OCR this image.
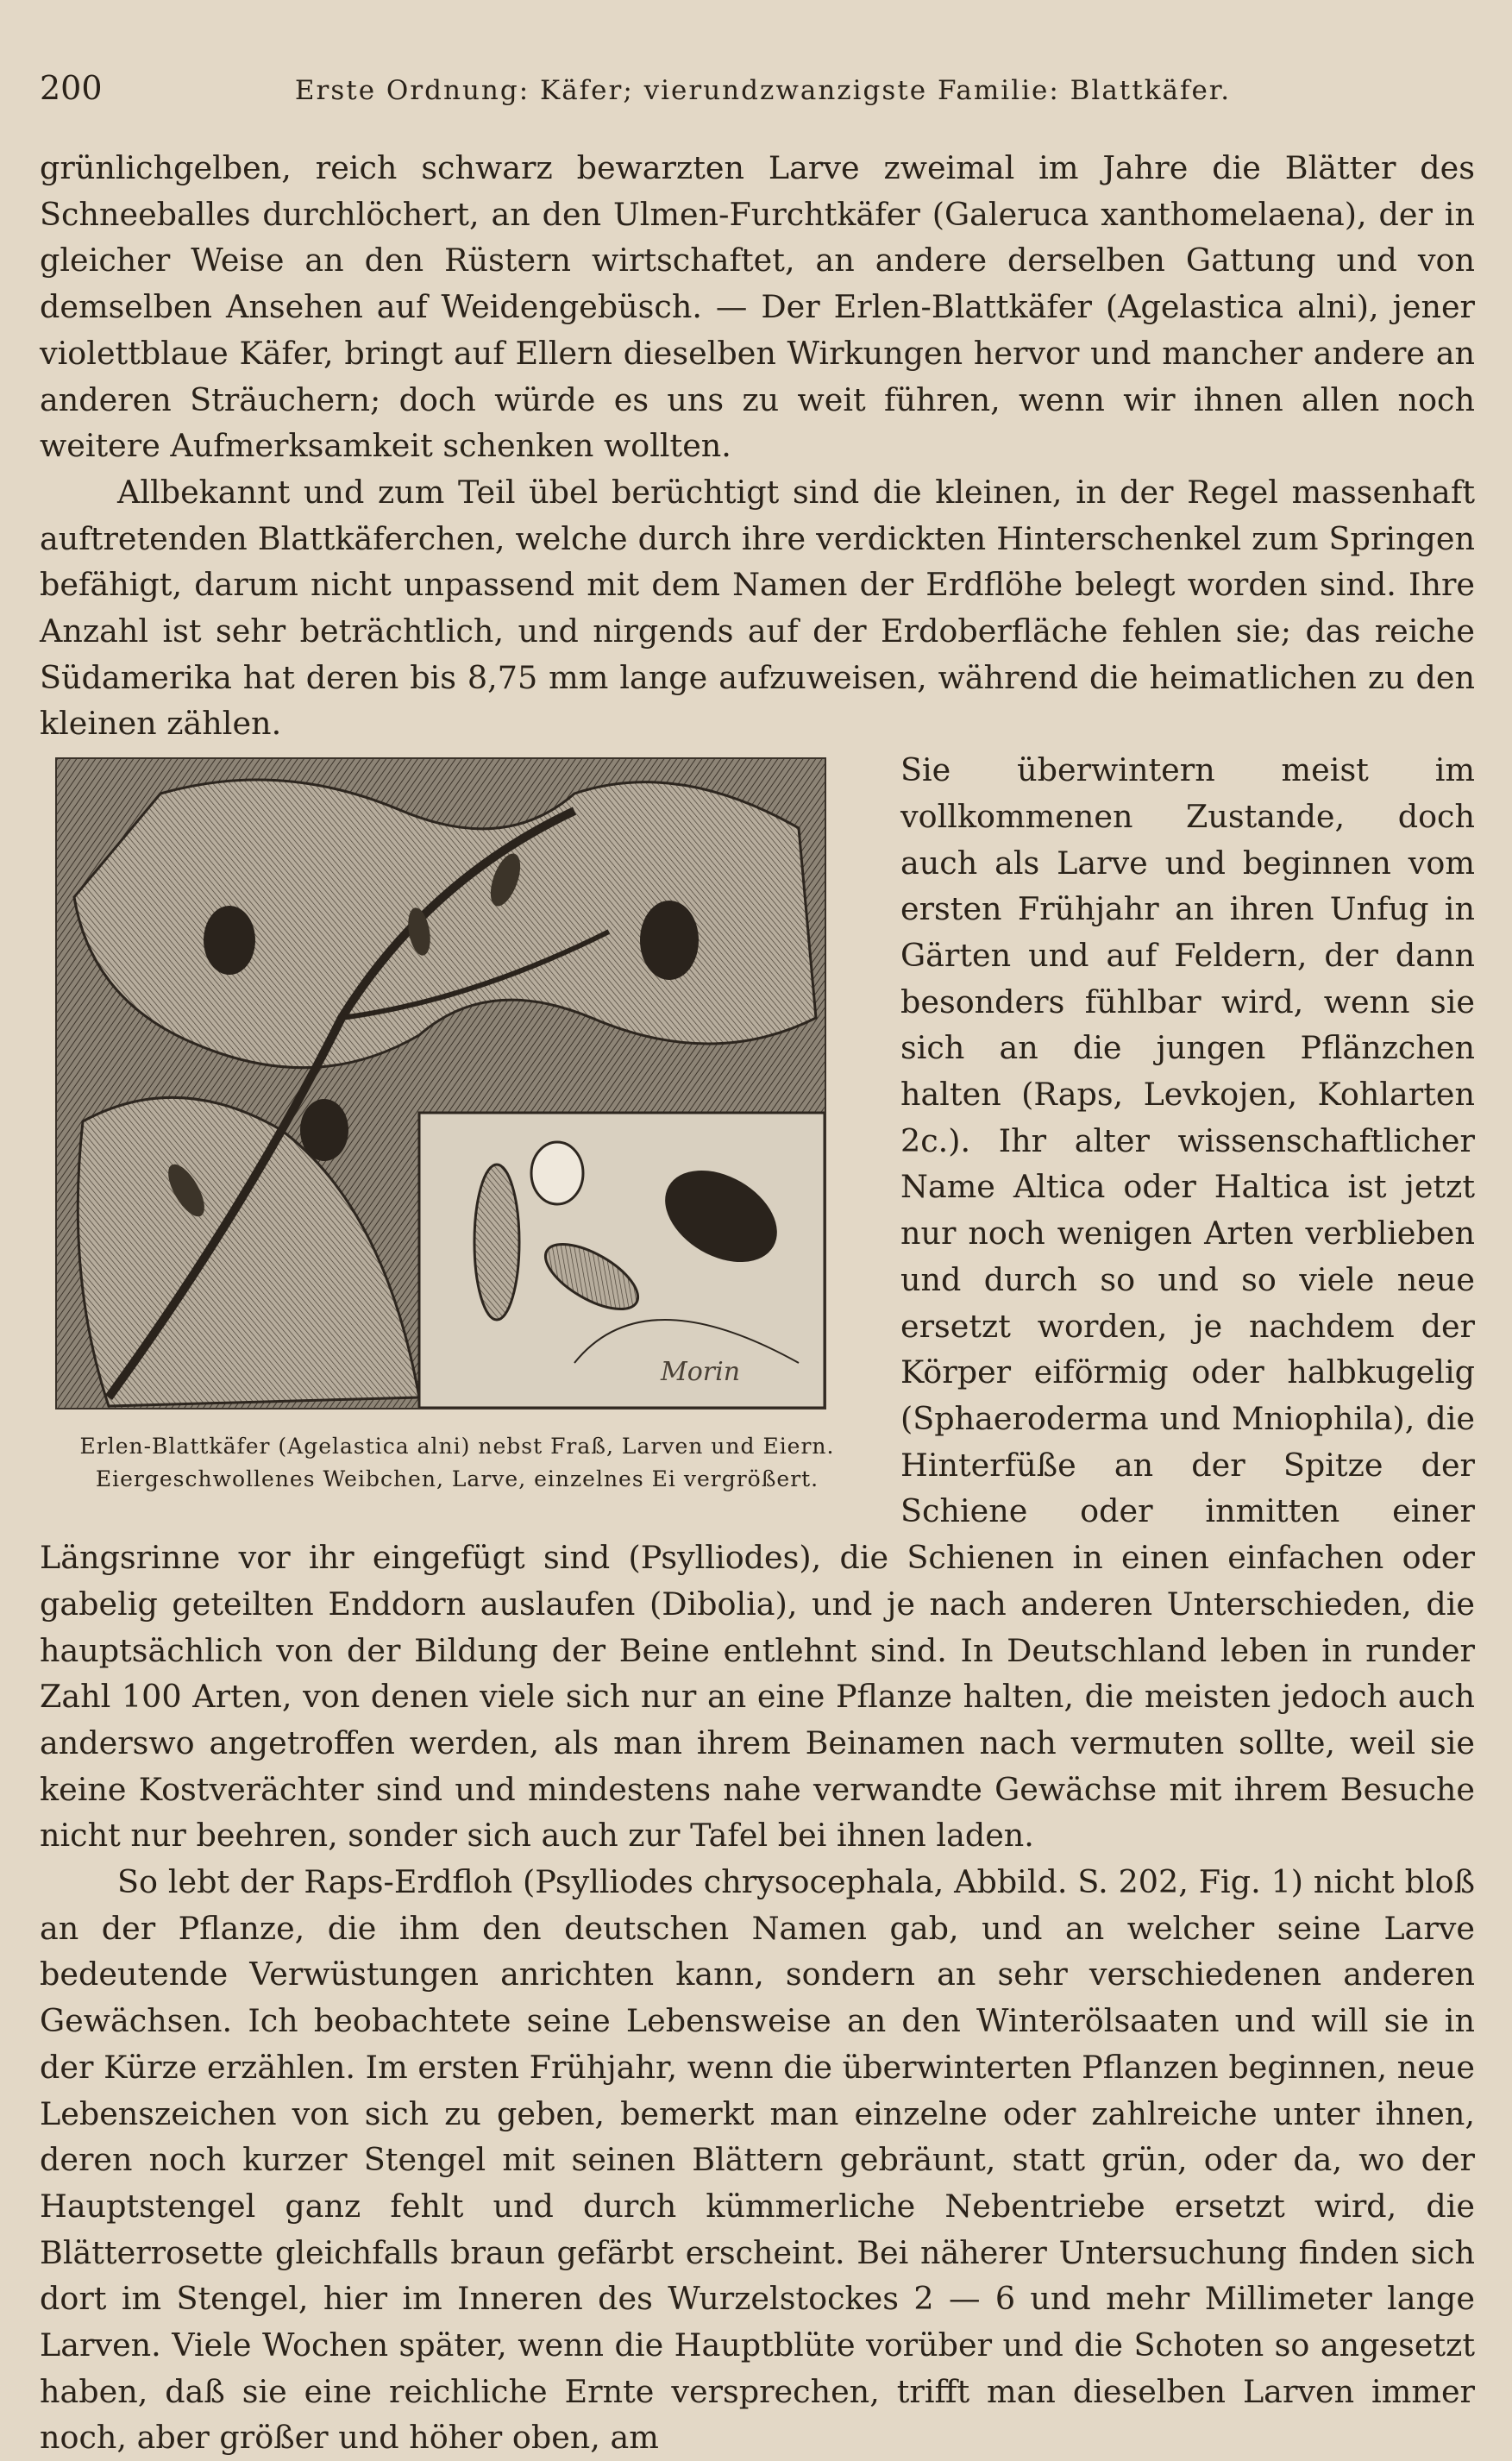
200	Erste Ordnung: Käfer; vierundzwanzigste Familie: Blattkäfer.

grünlichgelben, reich schwarz bewarzten Larve zweimal im Jahre die Blätter des Schneeballes durchlöchert, an den Ulmen-Furchtkäfer (Galeruca xanthomelaena), der in gleicher Weise an den Rüstern wirtschaftet, an andere derselben Gattung und von demselben Ansehen auf Weidengebüsch. — Der Erlen-Blattkäfer (Agelastica alni), jener violettblaue Käfer, bringt auf Ellern dieselben Wirkungen hervor und mancher andere an anderen Sträuchern; doch würde es uns zu weit führen, wenn wir ihnen allen noch weitere Aufmerksamkeit schenken wollten.

Allbekannt und zum Teil übel berüchtigt sind die kleinen, in der Regel massenhaft auftretenden Blattkäferchen, welche durch ihre verdickten Hinterschenkel zum Springen befähigt, darum nicht unpassend mit dem Namen der Erdflöhe belegt worden sind. Ihre Anzahl ist sehr beträchtlich, und nirgends auf der Erdoberfläche fehlen sie; das reiche Südamerika hat deren bis 8,75 mm lange aufzuweisen, während die heimatlichen zu den kleinen zählen.

Morin
Erlen-Blattkäfer (Agelastica alni) nebst Fraß, Larven und Eiern.
Eiergeschwollenes Weibchen, Larve, einzelnes Ei vergrößert.

Sie überwintern meist im vollkommenen Zustande, doch auch als Larve und beginnen vom ersten Frühjahr an ihren Unfug in Gärten und auf Feldern, der dann besonders fühlbar wird, wenn sie sich an die jungen Pflänzchen halten (Raps, Levkojen, Kohlarten 2c.). Ihr alter wissenschaftlicher Name Altica oder Haltica ist jetzt nur noch wenigen Arten verblieben und durch so und so viele neue ersetzt worden, je nachdem der Körper eiförmig oder halbkugelig (Sphaeroderma und Mniophila), die Hinterfüße an der Spitze der Schiene oder inmitten einer Längsrinne vor ihr eingefügt sind (Psylliodes), die Schienen in einen einfachen oder gabelig geteilten Enddorn auslaufen (Dibolia), und je nach anderen Unterschieden, die hauptsächlich von der Bildung der Beine entlehnt sind. In Deutschland leben in runder Zahl 100 Arten, von denen viele sich nur an eine Pflanze halten, die meisten jedoch auch anderswo angetroffen werden, als man ihrem Beinamen nach vermuten sollte, weil sie keine Kostverächter sind und mindestens nahe verwandte Gewächse mit ihrem Besuche nicht nur beehren, sonder sich auch zur Tafel bei ihnen laden.

So lebt der Raps-Erdfloh (Psylliodes chrysocephala, Abbild. S. 202, Fig. 1) nicht bloß an der Pflanze, die ihm den deutschen Namen gab, und an welcher seine Larve bedeutende Verwüstungen anrichten kann, sondern an sehr verschiedenen anderen Gewächsen. Ich beobachtete seine Lebensweise an den Winterölsaaten und will sie in der Kürze erzählen. Im ersten Frühjahr, wenn die überwinterten Pflanzen beginnen, neue Lebenszeichen von sich zu geben, bemerkt man einzelne oder zahlreiche unter ihnen, deren noch kurzer Stengel mit seinen Blättern gebräunt, statt grün, oder da, wo der Hauptstengel ganz fehlt und durch kümmerliche Nebentriebe ersetzt wird, die Blätterrosette gleichfalls braun gefärbt erscheint. Bei näherer Untersuchung finden sich dort im Stengel, hier im Inneren des Wurzelstockes 2 — 6 und mehr Millimeter lange Larven. Viele Wochen später, wenn die Hauptblüte vorüber und die Schoten so angesetzt haben, daß sie eine reichliche Ernte versprechen, trifft man dieselben Larven immer noch, aber größer und höher oben, am
